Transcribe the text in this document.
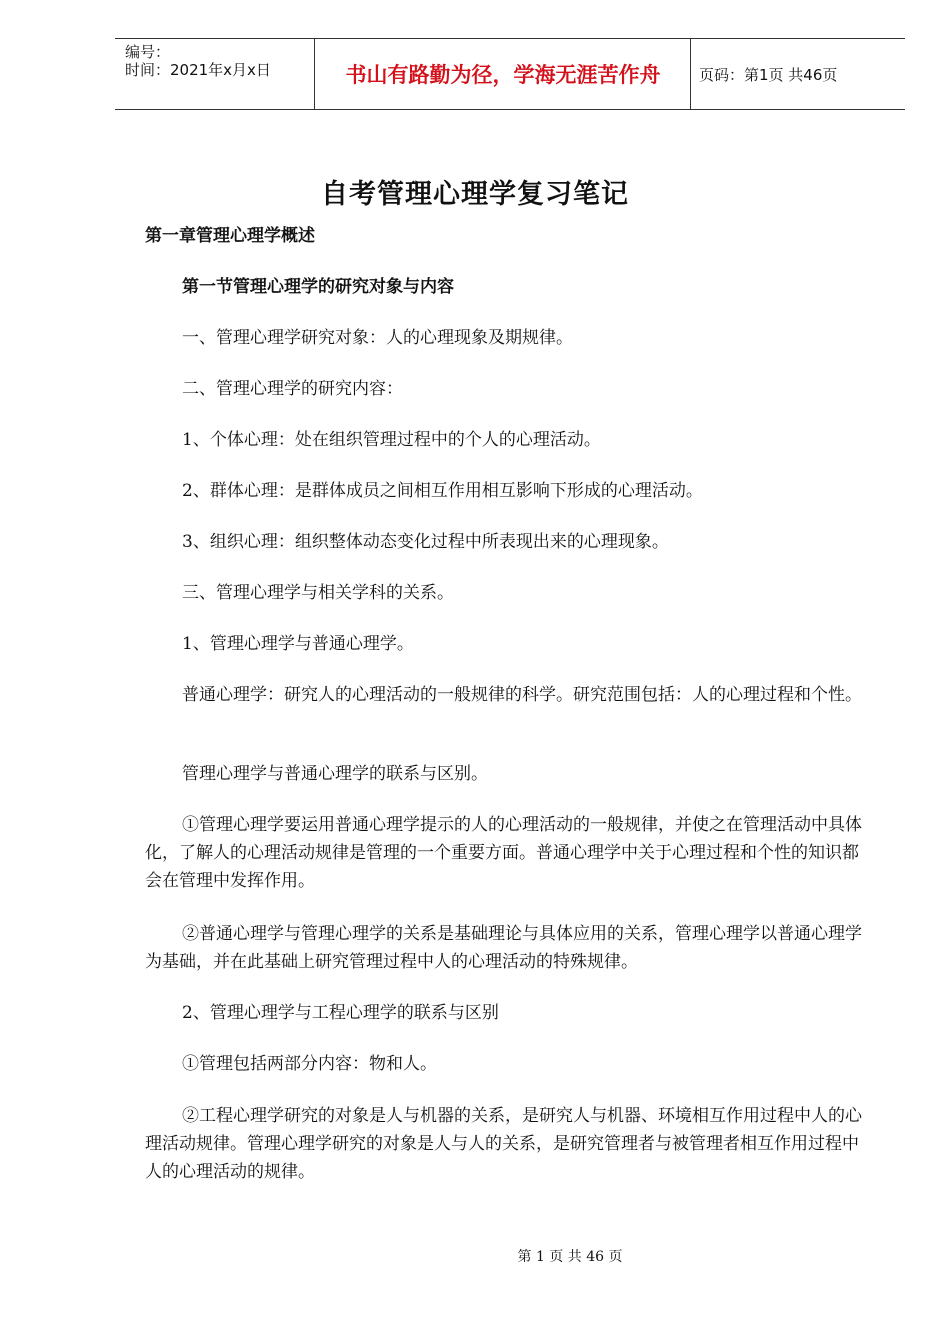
编号：
时间：2021年x月x日	书山有路勤为径，学海无涯苦作舟	页码：第1页 共46页
自考管理心理学复习笔记
第一章管理心理学概述
第一节管理心理学的研究对象与内容
一、管理心理学研究对象：人的心理现象及期规律。
二、管理心理学的研究内容：
1、个体心理：处在组织管理过程中的个人的心理活动。
2、群体心理：是群体成员之间相互作用相互影响下形成的心理活动。
3、组织心理：组织整体动态变化过程中所表现出来的心理现象。
三、管理心理学与相关学科的关系。
1、管理心理学与普通心理学。
普通心理学：研究人的心理活动的一般规律的科学。研究范围包括：人的心理过程和个性。
管理心理学与普通心理学的联系与区别。
①管理心理学要运用普通心理学提示的人的心理活动的一般规律，并使之在管理活动中具体化，了解人的心理活动规律是管理的一个重要方面。普通心理学中关于心理过程和个性的知识都会在管理中发挥作用。
②普通心理学与管理心理学的关系是基础理论与具体应用的关系，管理心理学以普通心理学为基础，并在此基础上研究管理过程中人的心理活动的特殊规律。
2、管理心理学与工程心理学的联系与区别
①管理包括两部分内容：物和人。
②工程心理学研究的对象是人与机器的关系，是研究人与机器、环境相互作用过程中人的心理活动规律。管理心理学研究的对象是人与人的关系，是研究管理者与被管理者相互作用过程中人的心理活动的规律。
第 1 页 共 46 页
